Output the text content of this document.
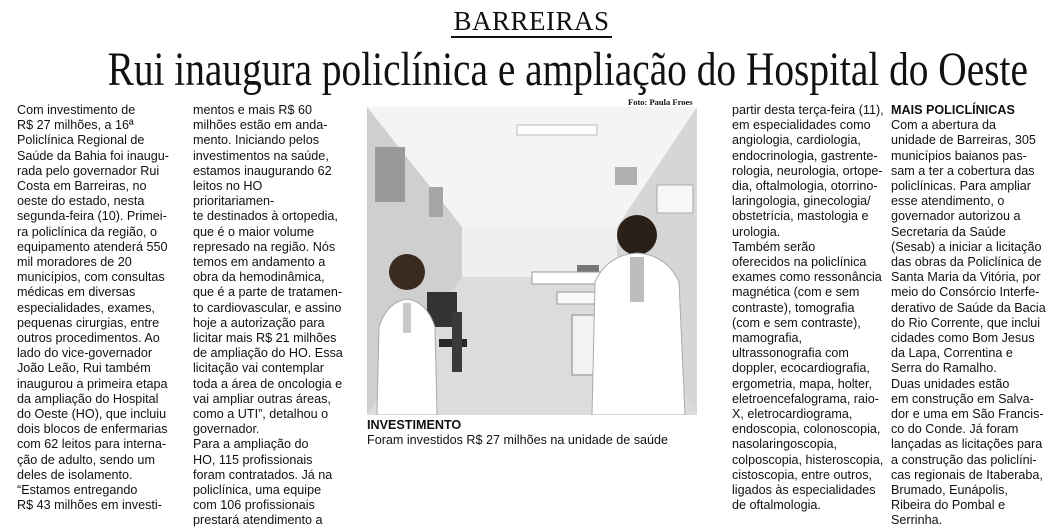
BARREIRAS
Rui inaugura policlínica e ampliação do Hospital do Oeste

Com investimento de
R$ 27 milhões, a 16ª
Policlínica Regional de
Saúde da Bahia foi inaugu-
rada pelo governador Rui
Costa em Barreiras, no
oeste do estado, nesta
segunda-feira (10). Primei-
ra policlínica da região, o
equipamento atenderá 550
mil moradores de 20
municípios, com consultas
médicas em diversas
especialidades, exames,
pequenas cirurgias, entre
outros procedimentos. Ao
lado do vice-governador
João Leão, Rui também
inaugurou a primeira etapa
da ampliação do Hospital
do Oeste (HO), que incluiu
dois blocos de enfermarias
com 62 leitos para interna-
ção de adulto, sendo um
deles de isolamento.
“Estamos entregando
R$ 43 milhões em investi-

mentos e mais R$ 60
milhões estão em anda-
mento. Iniciando pelos
investimentos na saúde,
estamos inaugurando 62
leitos no HO prioritariamen-
te destinados à ortopedia,
que é o maior volume
represado na região. Nós
temos em andamento a
obra da hemodinâmica,
que é a parte de tratamen-
to cardiovascular, e assino
hoje a autorização para
licitar mais R$ 21 milhões
de ampliação do HO. Essa
licitação vai contemplar
toda a área de oncologia e
vai ampliar outras áreas,
como a UTI”, detalhou o
governador.
Para a ampliação do
HO, 115 profissionais
foram contratados. Já na
policlínica, uma equipe
com 106 profissionais
prestará atendimento a

Foto: Paula Froes
INVESTIMENTO
Foram investidos R$ 27 milhões na unidade de saúde

partir desta terça-feira (11),
em especialidades como
angiologia, cardiologia,
endocrinologia, gastrente-
rologia, neurologia, ortope-
dia, oftalmologia, otorrino-
laringologia, ginecologia/
obstetrícia, mastologia e
urologia.
Também serão
oferecidos na policlínica
exames como ressonância
magnética (com e sem
contraste), tomografia
(com e sem contraste),
mamografia,
ultrassonografia com
doppler, ecocardiografia,
ergometria, mapa, holter,
eletroencefalograma, raio-
X, eletrocardiograma,
endoscopia, colonoscopia,
nasolaringoscopia,
colposcopia, histeroscopia,
cistoscopia, entre outros,
ligados às especialidades
de oftalmologia.

MAIS POLICLÍNICAS

Com a abertura da
unidade de Barreiras, 305
municípios baianos pas-
sam a ter a cobertura das
policlínicas. Para ampliar
esse atendimento, o
governador autorizou a
Secretaria da Saúde
(Sesab) a iniciar a licitação
das obras da Policlínica de
Santa Maria da Vitória, por
meio do Consórcio Interfe-
derativo de Saúde da Bacia
do Rio Corrente, que inclui
cidades como Bom Jesus
da Lapa, Correntina e
Serra do Ramalho.
Duas unidades estão
em construção em Salva-
dor e uma em São Francis-
co do Conde. Já foram
lançadas as licitações para
a construção das policlíni-
cas regionais de Itaberaba,
Brumado, Eunápolis,
Ribeira do Pombal e
Serrinha.
